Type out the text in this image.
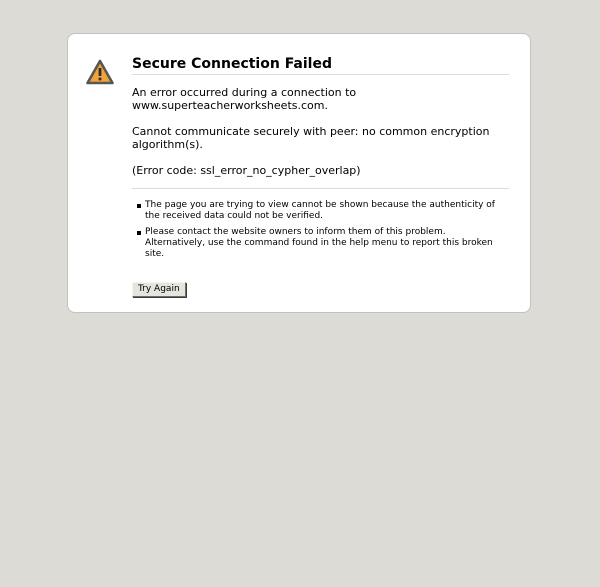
Secure Connection Failed

An error occurred during a connection to www.superteacherworksheets.com.

Cannot communicate securely with peer: no common encryption algorithm(s).

(Error code: ssl_error_no_cypher_overlap)

The page you are trying to view cannot be shown because the authenticity of the received data could not be verified.
Please contact the website owners to inform them of this problem. Alternatively, use the command found in the help menu to report this broken site.
Try Again
